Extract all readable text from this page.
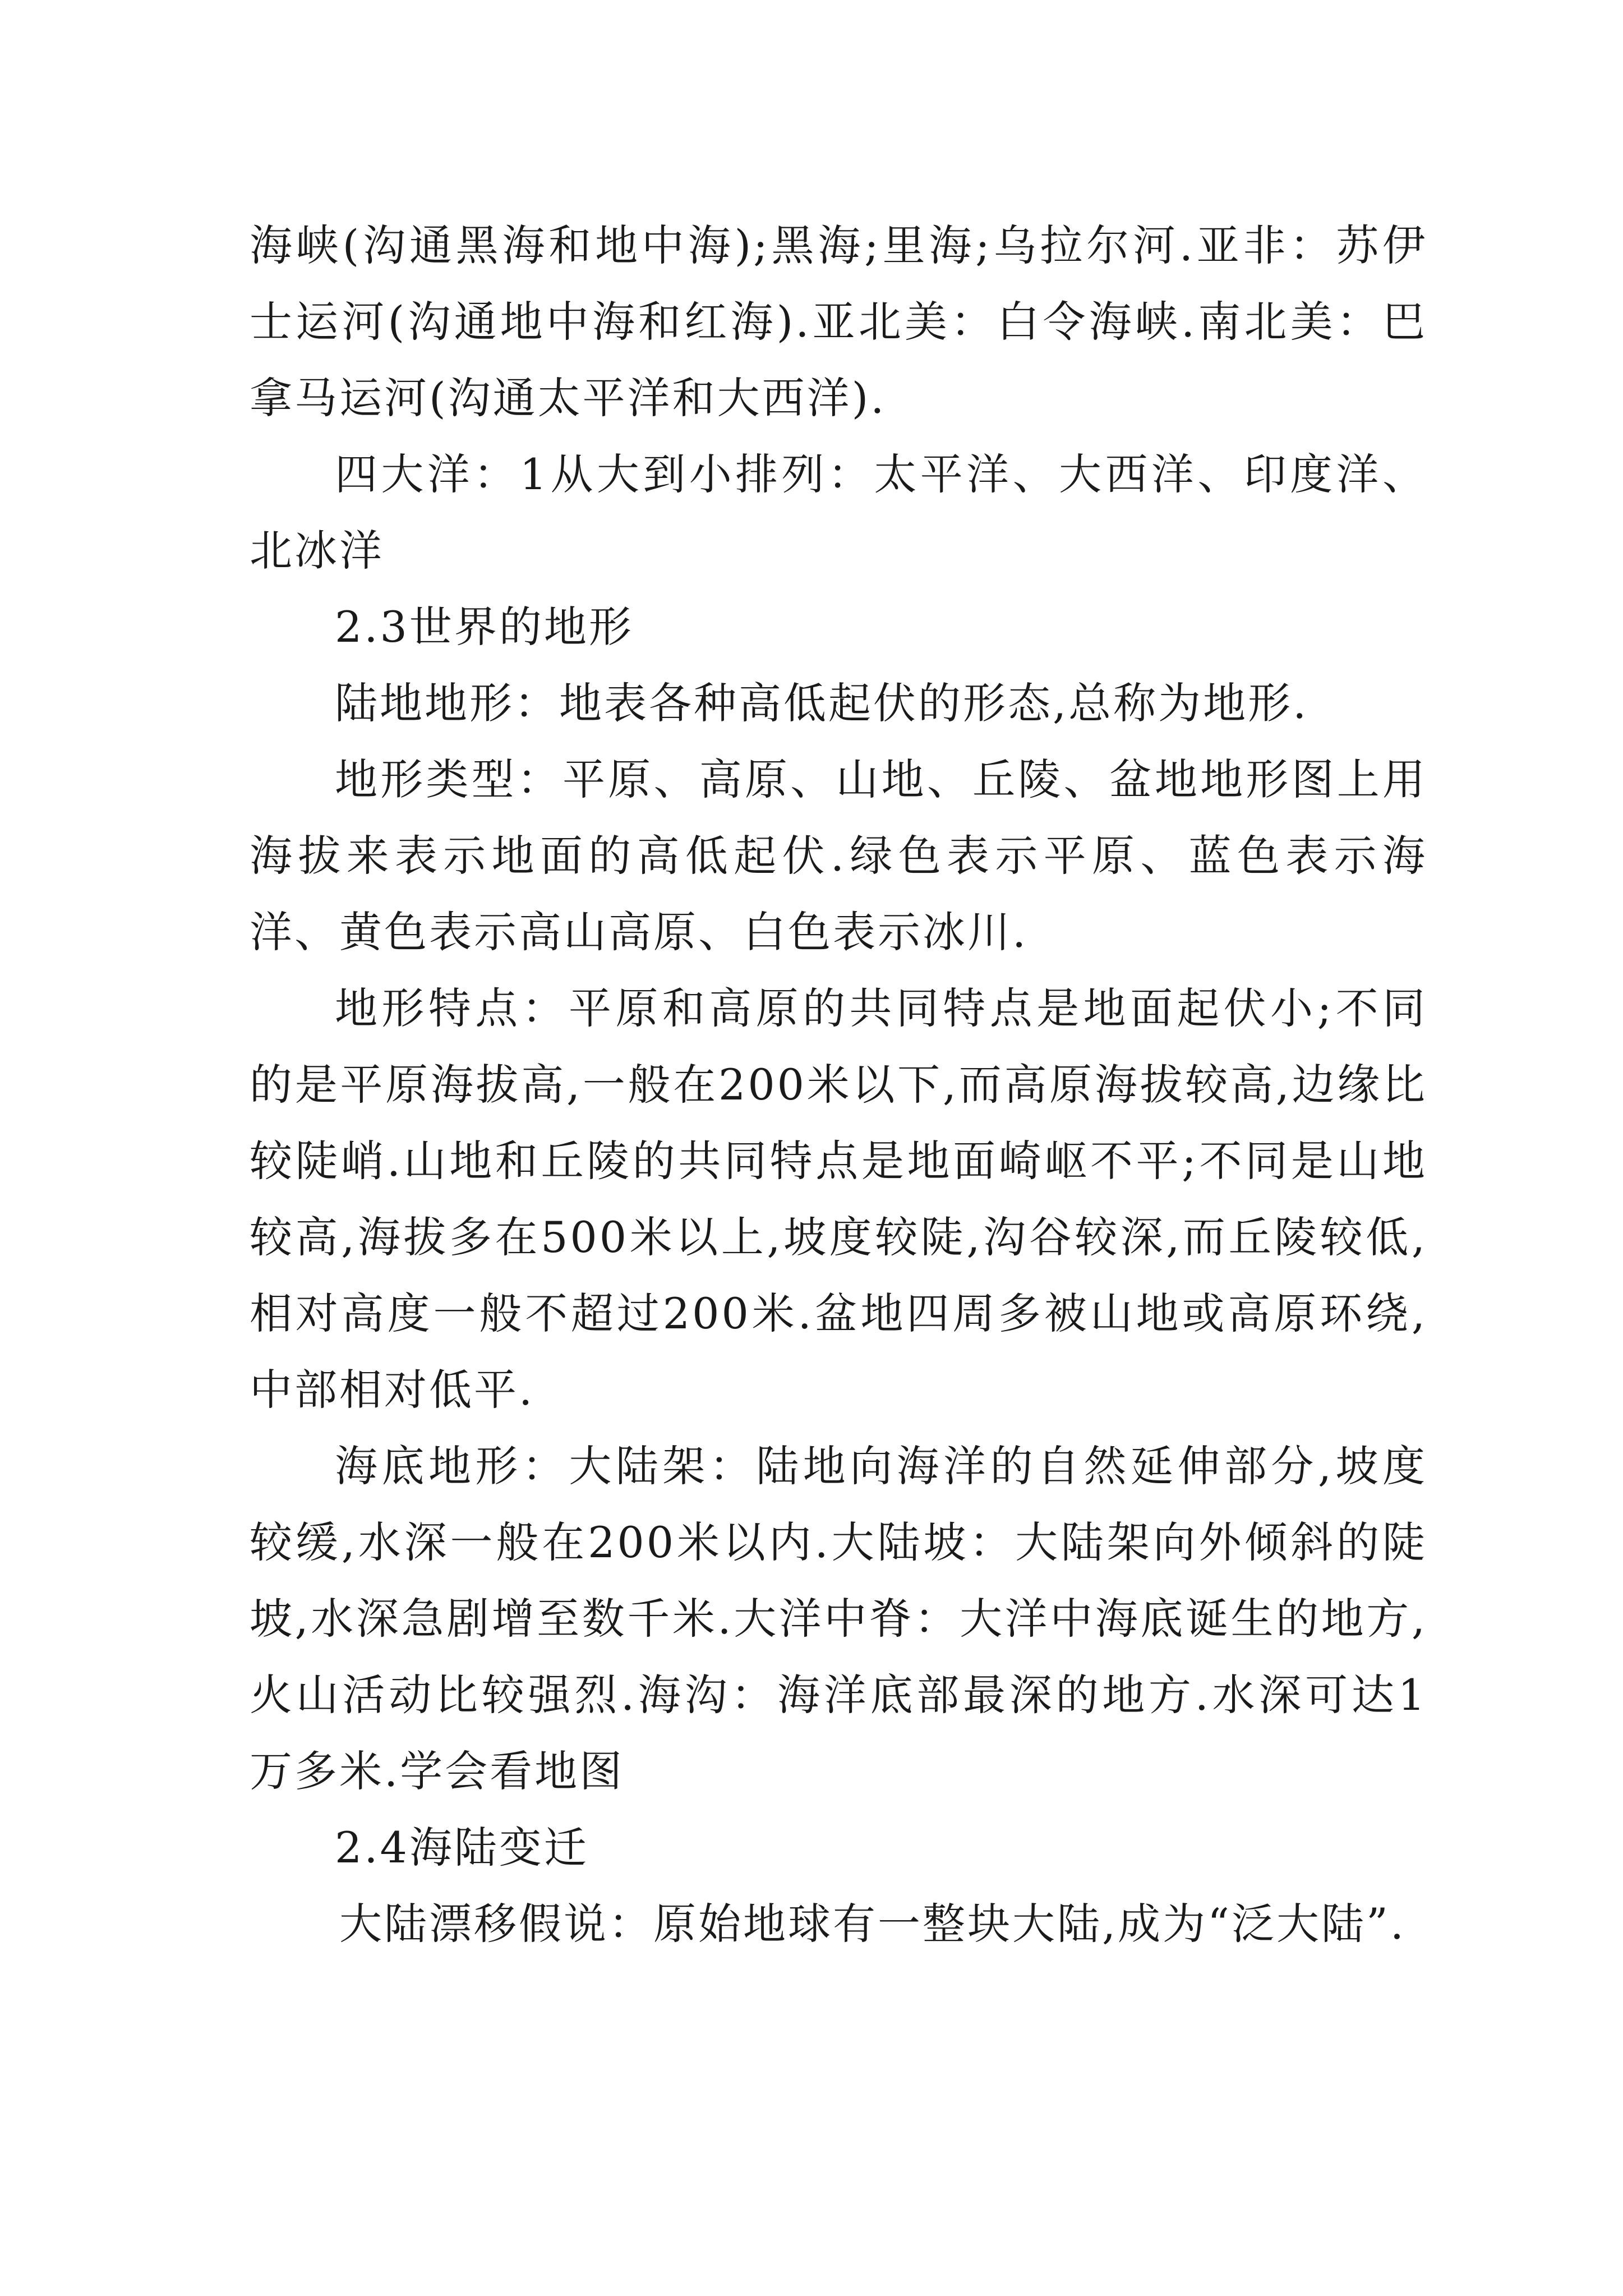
海峡(沟通黑海和地中海);黑海;里海;乌拉尔河.亚非：苏伊士运河(沟通地中海和红海).亚北美：白令海峡.南北美：巴拿马运河(沟通太平洋和大西洋).

四大洋：1从大到小排列：太平洋、大西洋、印度洋、北冰洋

2.3世界的地形

陆地地形：地表各种高低起伏的形态,总称为地形.

地形类型：平原、高原、山地、丘陵、盆地地形图上用海拔来表示地面的高低起伏.绿色表示平原、蓝色表示海洋、黄色表示高山高原、白色表示冰川.

地形特点：平原和高原的共同特点是地面起伏小;不同的是平原海拔高,一般在200米以下,而高原海拔较高,边缘比较陡峭.山地和丘陵的共同特点是地面崎岖不平;不同是山地较高,海拔多在500米以上,坡度较陡,沟谷较深,而丘陵较低,相对高度一般不超过200米.盆地四周多被山地或高原环绕,中部相对低平.

海底地形：大陆架：陆地向海洋的自然延伸部分,坡度较缓,水深一般在200米以内.大陆坡：大陆架向外倾斜的陡坡,水深急剧增至数千米.大洋中脊：大洋中海底诞生的地方,火山活动比较强烈.海沟：海洋底部最深的地方.水深可达1万多米.学会看地图

2.4海陆变迁

大陆漂移假说：原始地球有一整块大陆,成为“泛大陆”.
